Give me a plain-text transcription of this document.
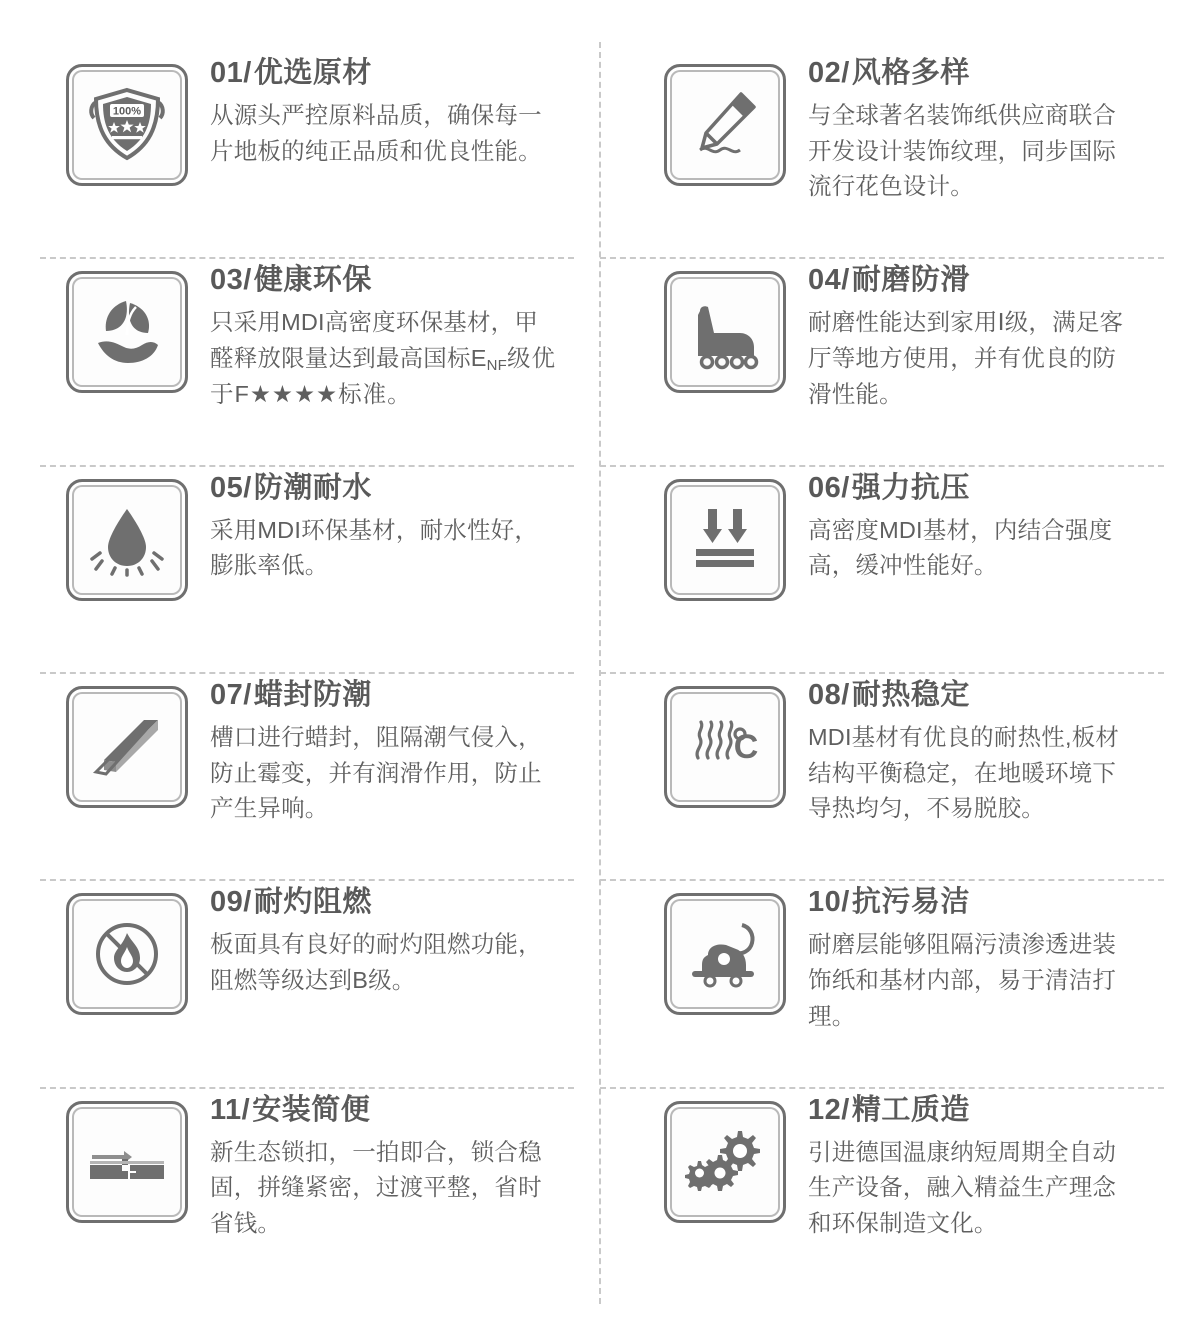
100%
01/优选原材

从源头严控原料品质，确保每一片地板的纯正品质和优良性能。

02/风格多样

与全球著名装饰纸供应商联合开发设计装饰纹理，同步国际流行花色设计。

03/健康环保

只采用MDI高密度环保基材，甲醛释放限量达到最高国标$E_{NF}$级优于F★★★★标准。

04/耐磨防滑

耐磨性能达到家用Ⅰ级，满足客厅等地方使用，并有优良的防滑性能。

05/防潮耐水

采用MDI环保基材，耐水性好，膨胀率低。

06/强力抗压

高密度MDI基材，内结合强度高，缓冲性能好。

07/蜡封防潮

槽口进行蜡封，阻隔潮气侵入，防止霉变，并有润滑作用，防止产生异响。

C
08/耐热稳定

MDI基材有优良的耐热性,板材结构平衡稳定，在地暖环境下导热均匀，不易脱胶。

09/耐灼阻燃

板面具有良好的耐灼阻燃功能，阻燃等级达到B级。

10/抗污易洁

耐磨层能够阻隔污渍渗透进装饰纸和基材内部，易于清洁打理。

11/安装简便

新生态锁扣，一拍即合，锁合稳固，拼缝紧密，过渡平整，省时省钱。

12/精工质造

引进德国温康纳短周期全自动生产设备，融入精益生产理念和环保制造文化。
